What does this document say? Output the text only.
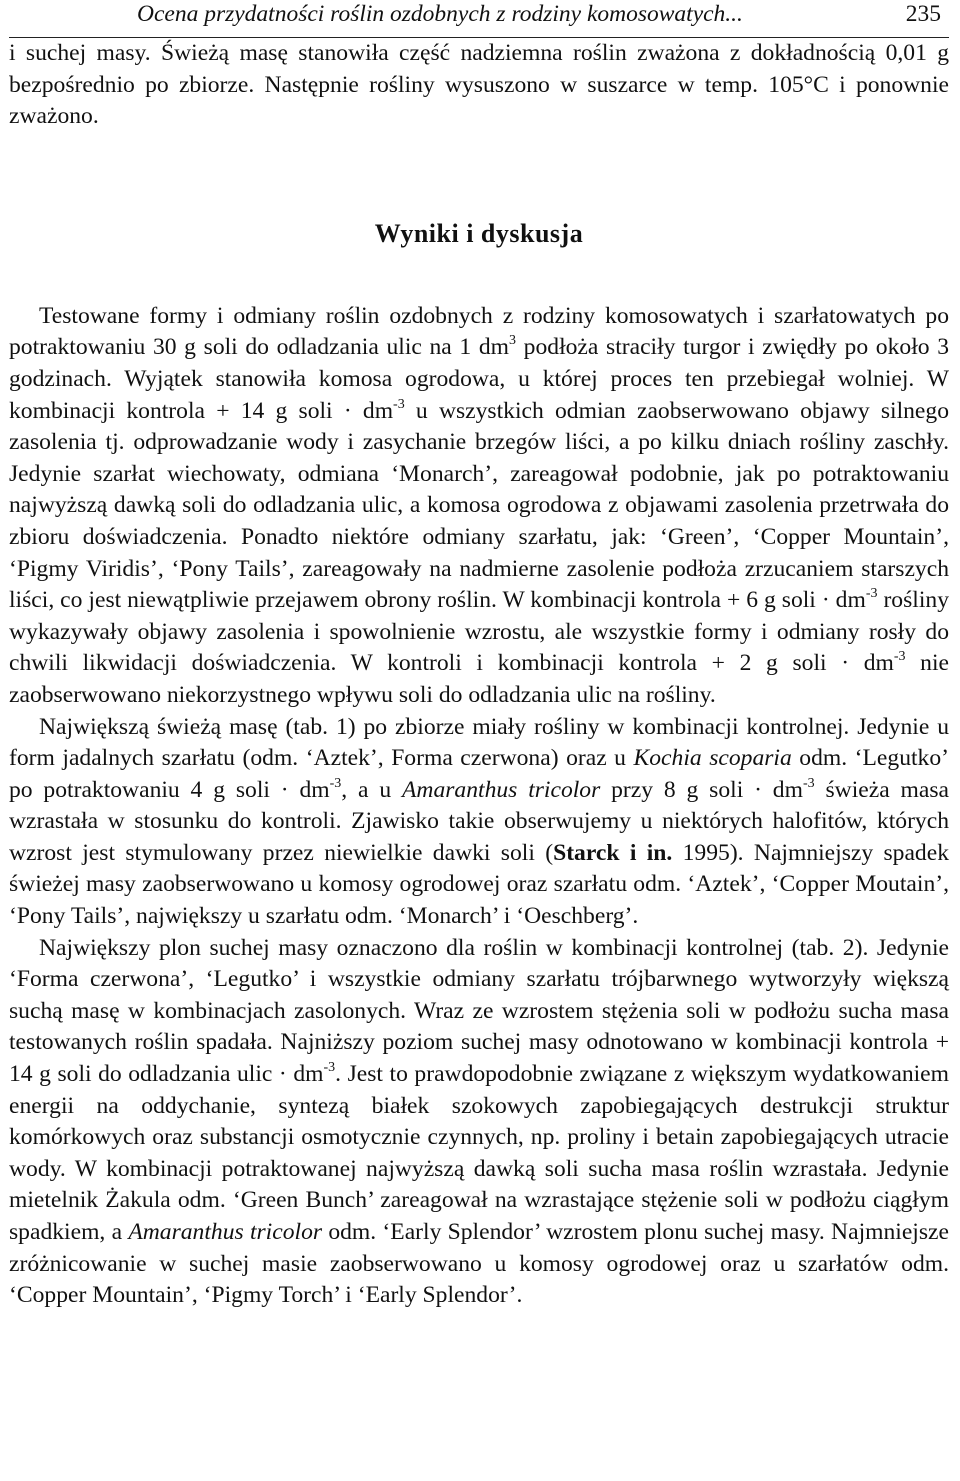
Ocena przydatności roślin ozdobnych z rodziny komosowatych...	235

i suchej masy. Świeżą masę stanowiła część nadziemna roślin zważona z dokładnością 0,01 g bezpośrednio po zbiorze. Następnie rośliny wysuszono w suszarce w temp. 105°C i ponownie zważono.

Wyniki i dyskusja

Testowane formy i odmiany roślin ozdobnych z rodziny komosowatych i szarłatowatych po potraktowaniu 30 g soli do odladzania ulic na 1 $dm^3$ podłoża straciły turgor i zwiędły po około 3 godzinach. Wyjątek stanowiła komosa ogrodowa, u której proces ten przebiegał wolniej. W kombinacji kontrola + 14 g soli · $dm^{-3}$ u wszystkich odmian zaobserwowano objawy silnego zasolenia tj. odprowadzanie wody i zasychanie brzegów liści, a po kilku dniach rośliny zaschły. Jedynie szarłat wiechowaty, odmiana ‘Monarch’, zareagował podobnie, jak po potraktowaniu najwyższą dawką soli do odladzania ulic, a komosa ogrodowa z objawami zasolenia przetrwała do zbioru doświadczenia. Ponadto niektóre odmiany szarłatu, jak: ‘Green’, ‘Copper Mountain’, ‘Pigmy Viridis’, ‘Pony Tails’, zareagowały na nadmierne zasolenie podłoża zrzucaniem starszych liści, co jest niewątpliwie przejawem obrony roślin. W kombinacji kontrola + 6 g soli · $dm^{-3}$ rośliny wykazywały objawy zasolenia i spowolnienie wzrostu, ale wszystkie formy i odmiany rosły do chwili likwidacji doświadczenia. W kontroli i kombinacji kontrola + 2 g soli · $dm^{-3}$ nie zaobserwowano niekorzystnego wpływu soli do odladzania ulic na rośliny.

Największą świeżą masę (tab. 1) po zbiorze miały rośliny w kombinacji kontrolnej. Jedynie u form jadalnych szarłatu (odm. ‘Aztek’, Forma czerwona) oraz u Kochia scoparia odm. ‘Legutko’ po potraktowaniu 4 g soli · $dm^{-3}$, a u Amaranthus tricolor przy 8 g soli · $dm^{-3}$ świeża masa wzrastała w stosunku do kontroli. Zjawisko takie obserwujemy u niektórych halofitów, których wzrost jest stymulowany przez niewielkie dawki soli (Starck i in. 1995). Najmniejszy spadek świeżej masy zaobserwowano u komosy ogrodowej oraz szarłatu odm. ‘Aztek’, ‘Copper Moutain’, ‘Pony Tails’, największy u szarłatu odm. ‘Monarch’ i ‘Oeschberg’.

Największy plon suchej masy oznaczono dla roślin w kombinacji kontrolnej (tab. 2). Jedynie ‘Forma czerwona’, ‘Legutko’ i wszystkie odmiany szarłatu trójbarwnego wytworzyły większą suchą masę w kombinacjach zasolonych. Wraz ze wzrostem stężenia soli w podłożu sucha masa testowanych roślin spadała. Najniższy poziom suchej masy odnotowano w kombinacji kontrola + 14 g soli do odladzania ulic · $dm^{-3}$. Jest to prawdopodobnie związane z większym wydatkowaniem energii na oddychanie, syntezą białek szokowych zapobiegających destrukcji struktur komórkowych oraz substancji osmotycznie czynnych, np. proliny i betain zapobiegających utracie wody. W kombinacji potraktowanej najwyższą dawką soli sucha masa roślin wzrastała. Jedynie mietelnik Żakula odm. ‘Green Bunch’ zareagował na wzrastające stężenie soli w podłożu ciągłym spadkiem, a Amaranthus tricolor odm. ‘Early Splendor’ wzrostem plonu suchej masy. Najmniejsze zróżnicowanie w suchej masie zaobserwowano u komosy ogrodowej oraz u szarłatów odm. ‘Copper Mountain’, ‘Pigmy Torch’ i ‘Early Splendor’.
